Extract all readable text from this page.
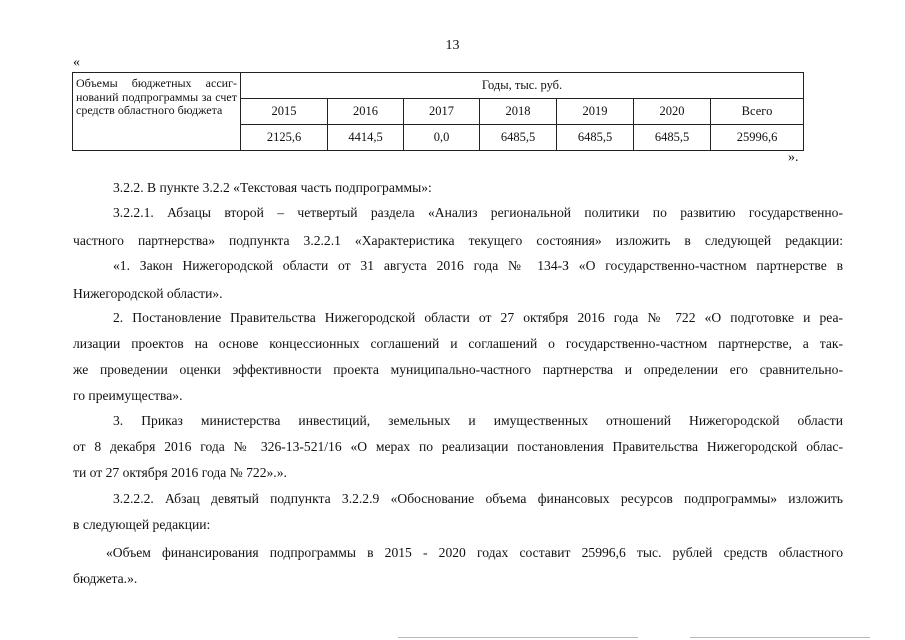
13
«
Объемы бюджетных ассиг- нований подпрограммы за счет средств областного бюджета	Годы, тыс. руб.						
	2015	2016	2017	2018	2019	2020	Всего
	2125,6	4414,5	0,0	6485,5	6485,5	6485,5	25996,6
».
3.2.2. В пункте 3.2.2 «Текстовая часть подпрограммы»:
3.2.2.1. Абзацы второй – четвертый раздела «Анализ региональной политики по развитию государственно-
частного партнерства» подпункта 3.2.2.1 «Характеристика текущего состояния» изложить в следующей редакции:
«1. Закон Нижегородской области от 31 августа 2016 года № 134-З «О государственно-частном партнерстве в
Нижегородской области».
2. Постановление Правительства Нижегородской области от 27 октября 2016 года № 722 «О подготовке и реа-
лизации проектов на основе концессионных соглашений и соглашений о государственно-частном партнерстве, а так-
же проведении оценки эффективности проекта муниципально-частного партнерства и определении его сравнительно-
го преимущества».
3. Приказ министерства инвестиций, земельных и имущественных отношений Нижегородской области
от 8 декабря 2016 года № 326-13-521/16 «О мерах по реализации постановления Правительства Нижегородской облас-
ти от 27 октября 2016 года № 722».».
3.2.2.2. Абзац девятый подпункта 3.2.2.9 «Обоснование объема финансовых ресурсов подпрограммы» изложить
в следующей редакции:
«Объем финансирования подпрограммы в 2015 - 2020 годах составит 25996,6 тыс. рублей средств областного
бюджета.».
